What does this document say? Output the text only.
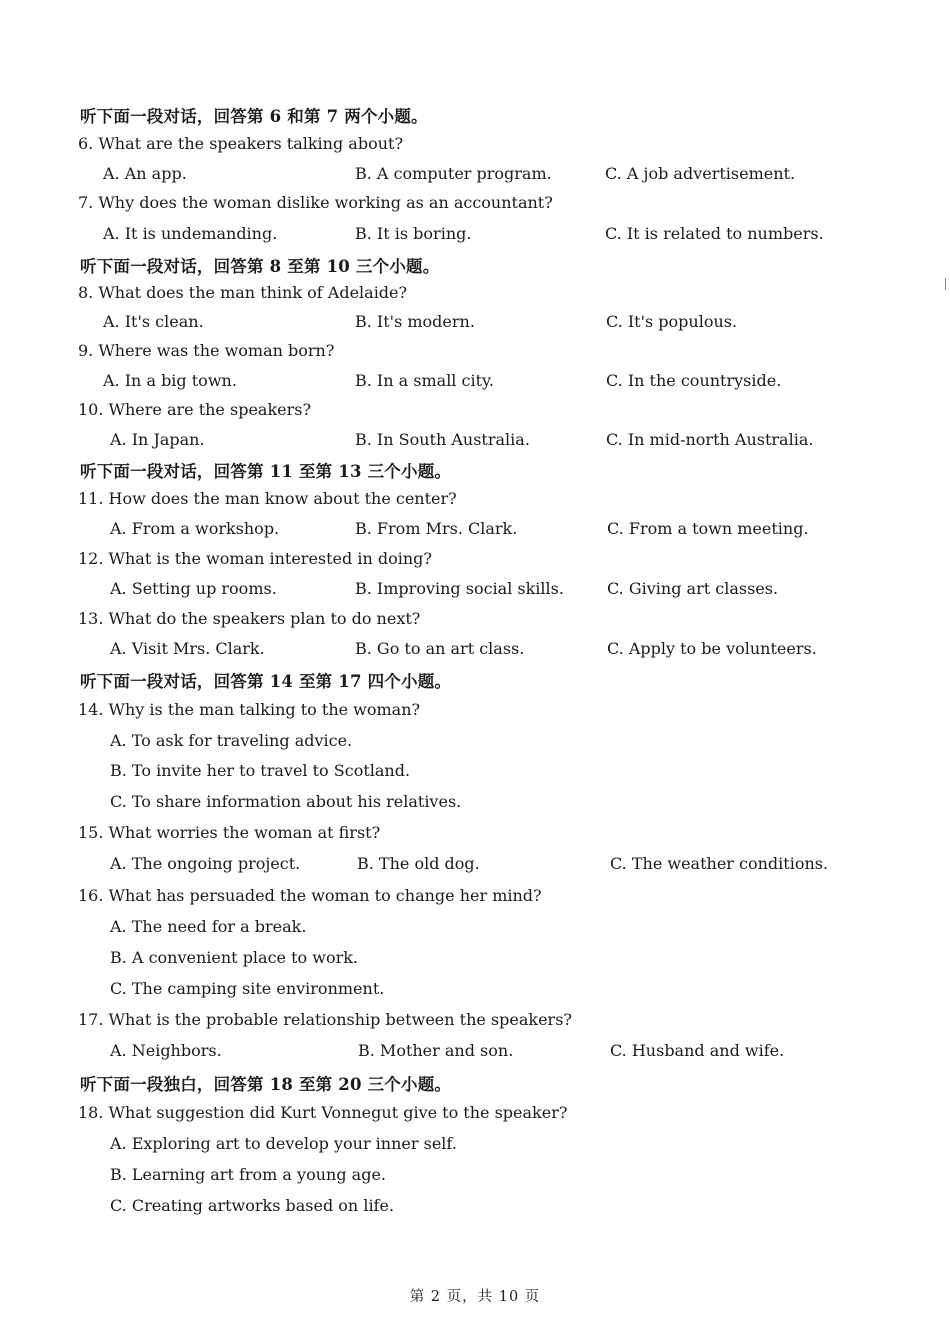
听下面一段对话，回答第 6 和第 7 两个小题。
听下面一段对话，回答第 8 至第 10 三个小题。
听下面一段对话，回答第 11 至第 13 三个小题。
听下面一段对话，回答第 14 至第 17 四个小题。
听下面一段独白，回答第 18 至第 20 三个小题。
6. What are the speakers talking about?
A. An app.	B. A computer program.	C. A job advertisement.
7. Why does the woman dislike working as an accountant?
A. It is undemanding.	B. It is boring.	C. It is related to numbers.
8. What does the man think of Adelaide?
A. It's clean.	B. It's modern.	C. It's populous.
9. Where was the woman born?
A. In a big town.	B. In a small city.	C. In the countryside.
10. Where are the speakers?
A. In Japan.	B. In South Australia.	C. In mid-north Australia.
11. How does the man know about the center?
A. From a workshop.	B. From Mrs. Clark.	C. From a town meeting.
12. What is the woman interested in doing?
A. Setting up rooms.	B. Improving social skills.	C. Giving art classes.
13. What do the speakers plan to do next?
A. Visit Mrs. Clark.	B. Go to an art class.	C. Apply to be volunteers.
14. Why is the man talking to the woman?
A. To ask for traveling advice.
B. To invite her to travel to Scotland.
C. To share information about his relatives.
15. What worries the woman at first?
A. The ongoing project.	B. The old dog.	C. The weather conditions.
16. What has persuaded the woman to change her mind?
A. The need for a break.
B. A convenient place to work.
C. The camping site environment.
17. What is the probable relationship between the speakers?
A. Neighbors.	B. Mother and son.	C. Husband and wife.
18. What suggestion did Kurt Vonnegut give to the speaker?
A. Exploring art to develop your inner self.
B. Learning art from a young age.
C. Creating artworks based on life.
第 2 页，共 10 页
